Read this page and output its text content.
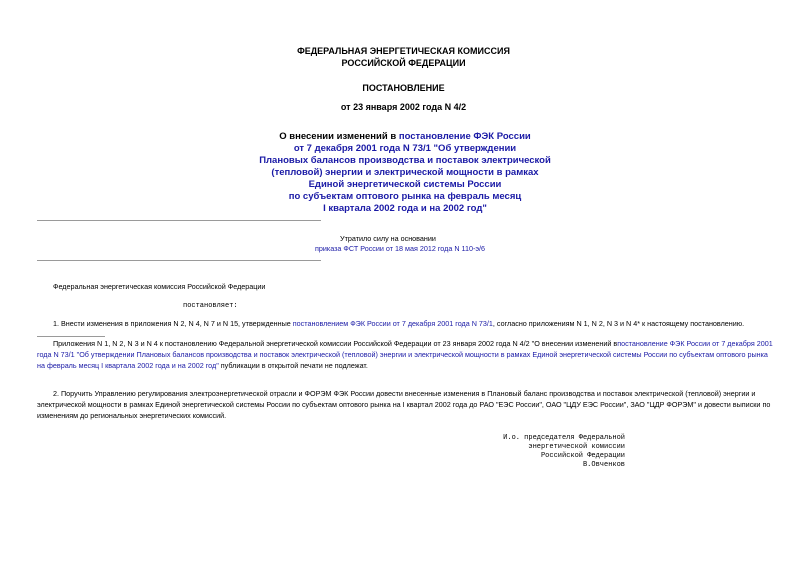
ФЕДЕРАЛЬНАЯ ЭНЕРГЕТИЧЕСКАЯ КОМИССИЯ
РОССИЙСКОЙ ФЕДЕРАЦИИ
ПОСТАНОВЛЕНИЕ
от 23 января 2002 года N 4/2
О внесении изменений в постановление ФЭК России
от 7 декабря 2001 года N 73/1 "Об утверждении
Плановых балансов производства и поставок электрической
(тепловой) энергии и электрической мощности в рамках
Единой энергетической системы России
по субъектам оптового рынка на февраль месяц
I квартала 2002 года и на 2002 год"
Утратило силу на основании
приказа ФСТ России от 18 мая 2012 года N 110-э/6
Федеральная энергетическая комиссия Российской Федерации
постановляет:
1. Внести изменения в приложения N 2, N 4, N 7 и N 15, утвержденные постановлением ФЭК России от 7 декабря 2001 года N 73/1, согласно приложениям N 1, N 2, N 3 и N 4* к настоящему постановлению.
Приложения N 1, N 2, N 3 и N 4 к постановлению Федеральной энергетической комиссии Российской Федерации от 23 января 2002 года N 4/2 "О внесении изменений впостановление ФЭК России от 7 декабря 2001 года N 73/1 "Об утверждении Плановых балансов производства и поставок электрической (тепловой) энергии и электрической мощности в рамках Единой энергетической системы России по субъектам оптового рынка на февраль месяц I квартала 2002 года и на 2002 год" публикации в открытой печати не подлежат.
2. Поручить Управлению регулирования электроэнергетической отрасли и ФОРЭМ ФЭК России довести внесенные изменения в Плановый баланс производства и поставок электрической (тепловой) энергии и электрической мощности в рамках Единой энергетической системы России по субъектам оптового рынка на I квартал 2002 года до РАО "ЕЭС России", ОАО "ЦДУ ЕЭС России", ЗАО "ЦДР ФОРЭМ" и довести выписки по изменениям до региональных энергетических комиссий.
И.о. председателя Федеральной
энергетической комиссии
Российской Федерации
В.Овченков
